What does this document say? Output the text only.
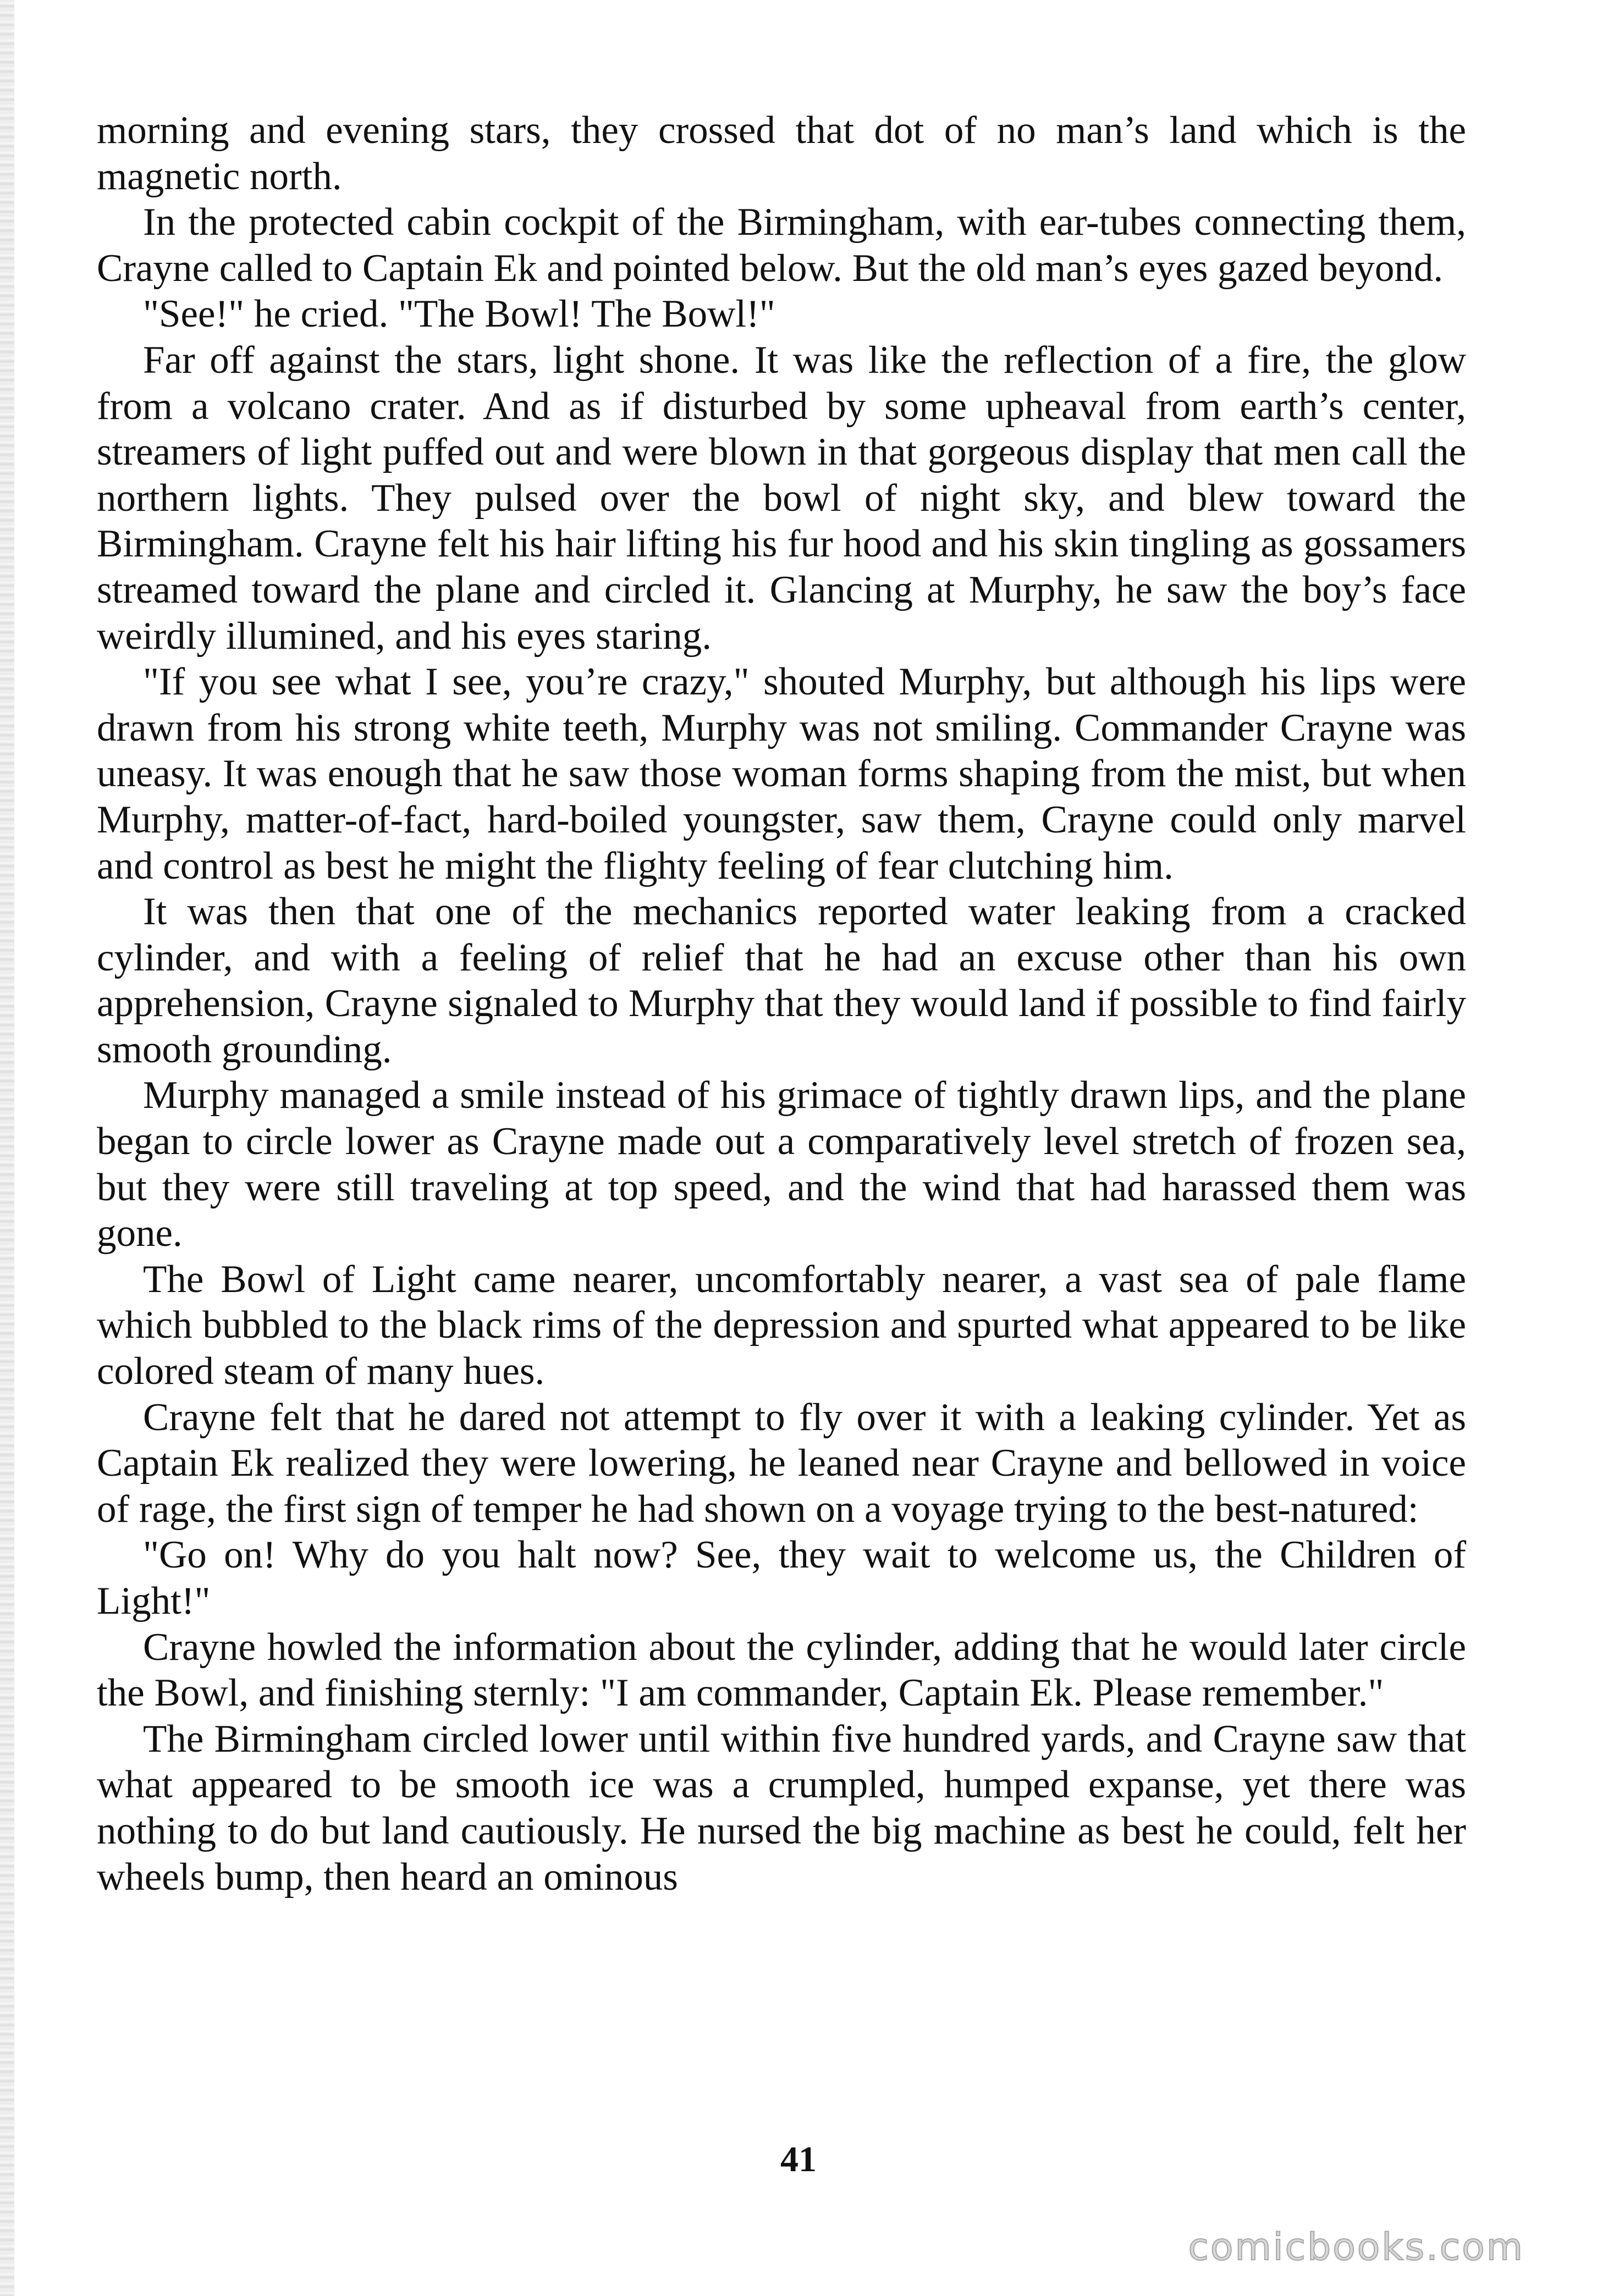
morning and evening stars, they crossed that dot of no man’s land which is the magnetic north.

In the protected cabin cockpit of the Birmingham, with ear-tubes connecting them, Crayne called to Captain Ek and pointed below. But the old man’s eyes gazed beyond.

"See!" he cried. "The Bowl! The Bowl!"

Far off against the stars, light shone. It was like the reflection of a fire, the glow from a volcano crater. And as if disturbed by some upheaval from earth’s center, streamers of light puffed out and were blown in that gorgeous display that men call the northern lights. They pulsed over the bowl of night sky, and blew toward the Birmingham. Crayne felt his hair lifting his fur hood and his skin tingling as gossamers streamed toward the plane and circled it. Glancing at Murphy, he saw the boy’s face weirdly illumined, and his eyes staring.

"If you see what I see, you’re crazy," shouted Murphy, but although his lips were drawn from his strong white teeth, Murphy was not smiling. Commander Crayne was uneasy. It was enough that he saw those woman forms shaping from the mist, but when Murphy, matter-of-fact, hard-boiled youngster, saw them, Crayne could only marvel and control as best he might the flighty feeling of fear clutching him.

It was then that one of the mechanics reported water leaking from a cracked cylinder, and with a feeling of relief that he had an excuse other than his own apprehension, Crayne signaled to Murphy that they would land if possible to find fairly smooth grounding.

Murphy managed a smile instead of his grimace of tightly drawn lips, and the plane began to circle lower as Crayne made out a comparatively level stretch of frozen sea, but they were still traveling at top speed, and the wind that had harassed them was gone.

The Bowl of Light came nearer, uncomfortably nearer, a vast sea of pale flame which bubbled to the black rims of the depression and spurted what appeared to be like colored steam of many hues.

Crayne felt that he dared not attempt to fly over it with a leaking cylinder. Yet as Captain Ek realized they were lowering, he leaned near Crayne and bellowed in voice of rage, the first sign of temper he had shown on a voyage trying to the best-natured:

"Go on! Why do you halt now? See, they wait to welcome us, the Children of Light!"

Crayne howled the information about the cylinder, adding that he would later circle the Bowl, and finishing sternly: "I am commander, Captain Ek. Please remember."

The Birmingham circled lower until within five hundred yards, and Crayne saw that what appeared to be smooth ice was a crumpled, humped expanse, yet there was nothing to do but land cautiously. He nursed the big machine as best he could, felt her wheels bump, then heard an ominous

41
comicbooks.com
